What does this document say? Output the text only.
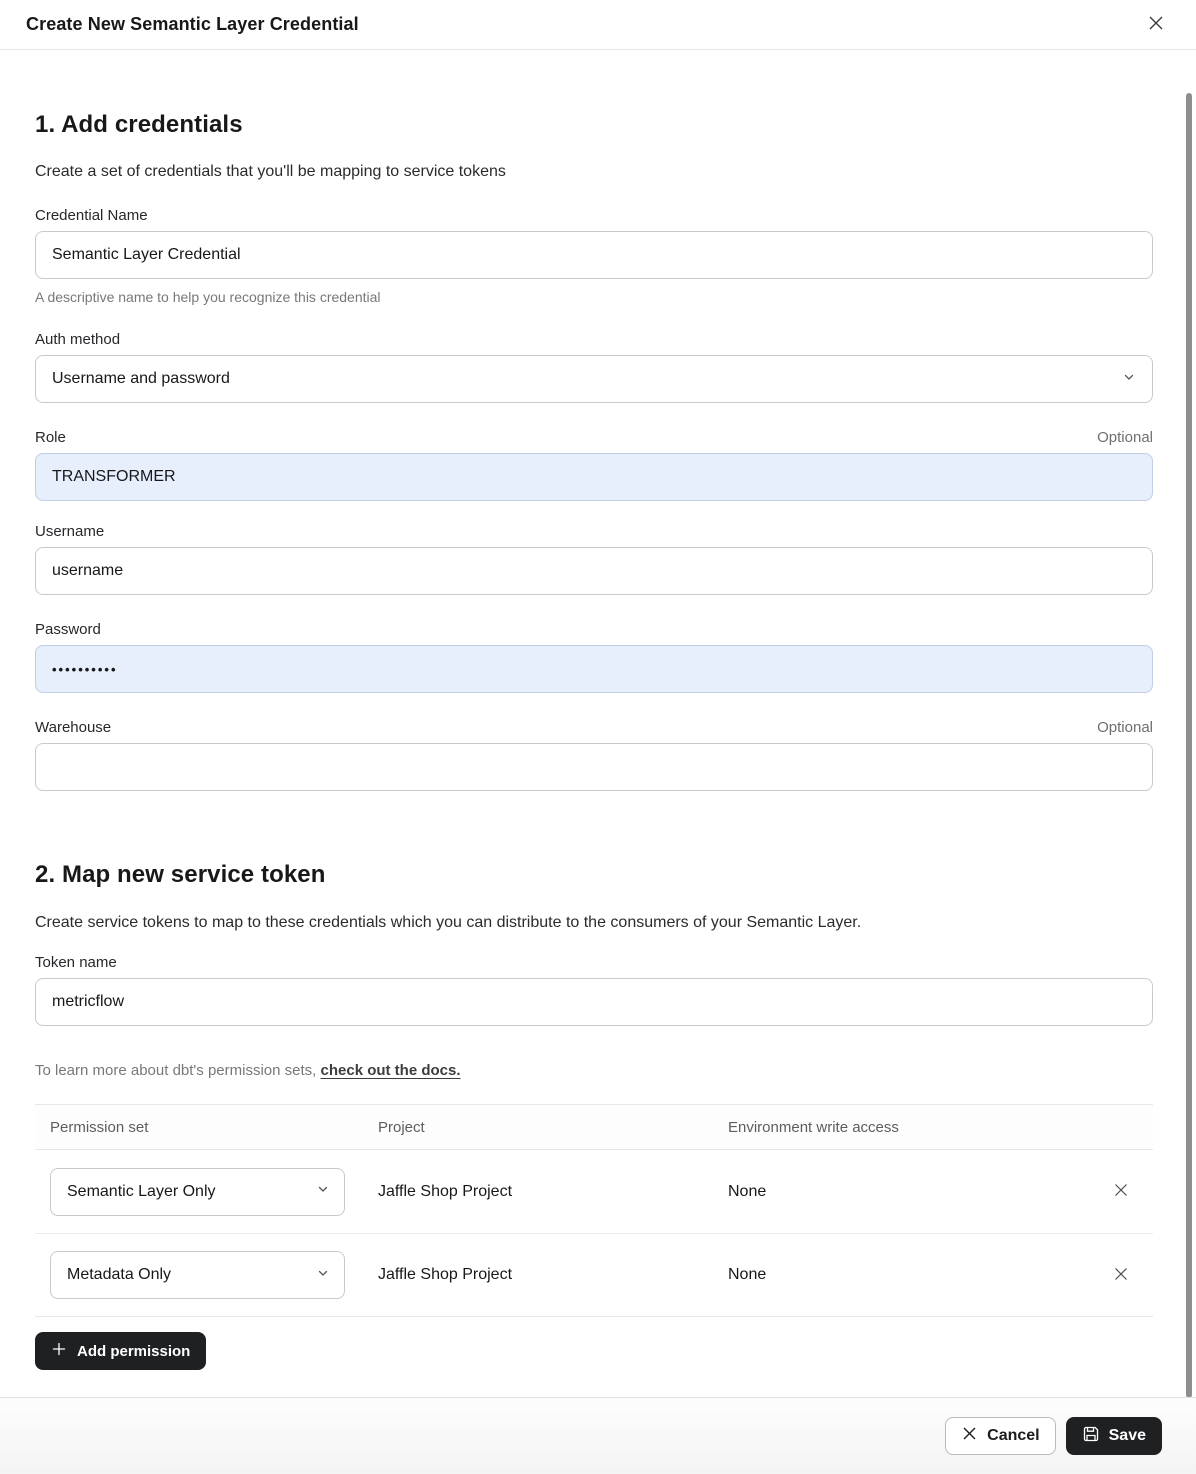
Create New Semantic Layer Credential
1. Add credentials
Create a set of credentials that you'll be mapping to service tokens
Credential Name
Semantic Layer Credential
A descriptive name to help you recognize this credential
Auth method
Username and password
Role	Optional
TRANSFORMER
Username
username
Password
••••••••••
Warehouse	Optional
2. Map new service token
Create service tokens to map to these credentials which you can distribute to the consumers of your Semantic Layer.
Token name
metricflow
To learn more about dbt's permission sets, check out the docs.
Permission set	Project	Environment write access
Semantic Layer Only	Jaffle Shop Project	None
Metadata Only	Jaffle Shop Project	None
Add permission
Cancel	Save
